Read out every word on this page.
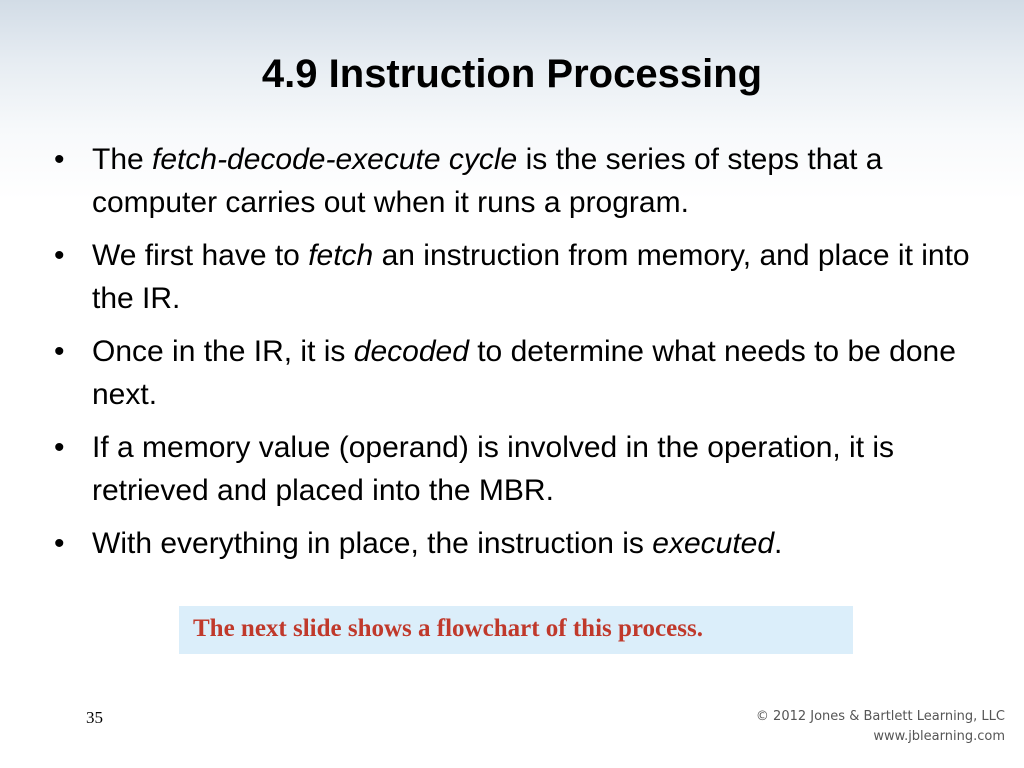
4.9 Instruction Processing
• The fetch-decode-execute cycle is the series of steps that a computer carries out when it runs a program.
• We first have to fetch an instruction from memory, and place it into the IR.
• Once in the IR, it is decoded to determine what needs to be done next.
• If a memory value (operand) is involved in the operation, it is retrieved and placed into the MBR.
• With everything in place, the instruction is executed.
The next slide shows a flowchart of this process.
35	© 2012 Jones & Bartlett Learning, LLC
www.jblearning.com
